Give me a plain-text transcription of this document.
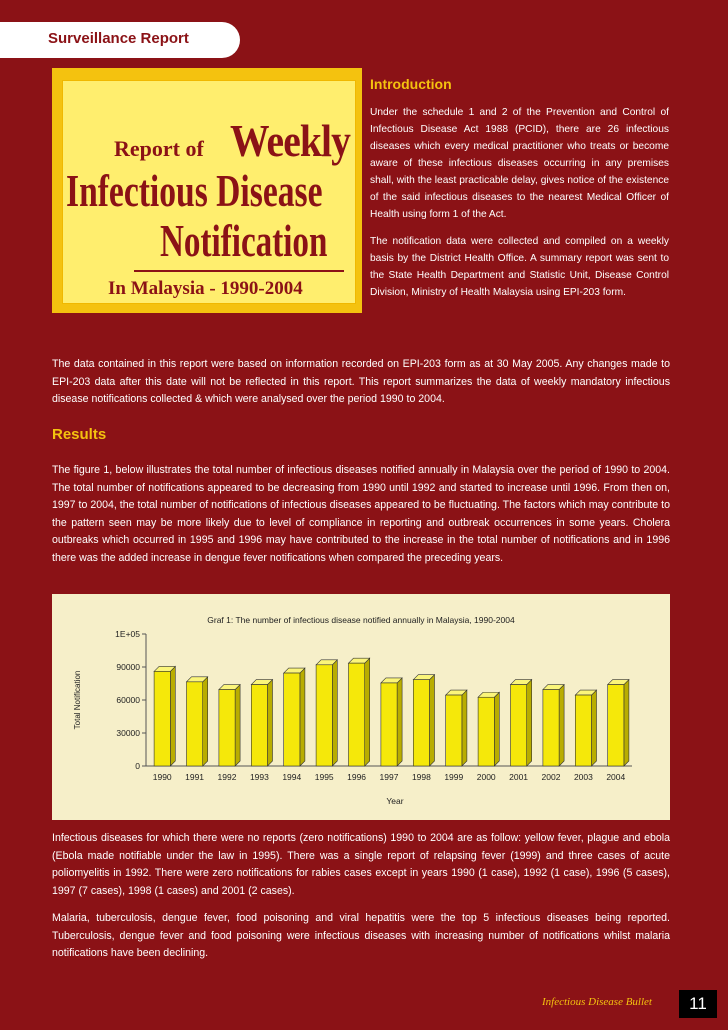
Surveillance Report
Report of Weekly
Infectious Disease
Notification
In Malaysia - 1990-2004
Introduction

Under the schedule 1 and 2 of the Prevention and Control of Infectious Disease Act 1988 (PCID), there are 26 infectious diseases which every medical practitioner who treats or become aware of these infectious diseases occurring in any premises shall, with the least practicable delay, gives notice of the existence of the said infectious diseases to the nearest Medical Officer of Health using form 1 of the Act.

The notification data were collected and compiled on a weekly basis by the District Health Office. A summary report was sent to the State Health Department and Statistic Unit, Disease Control Division, Ministry of Health Malaysia using EPI-203 form.

The data contained in this report were based on information recorded on EPI-203 form as at 30 May 2005. Any changes made to EPI-203 data after this date will not be reflected in this report. This report summarizes the data of weekly mandatory infectious disease notifications collected & which were analysed over the period 1990 to 2004.

Results

The figure 1, below illustrates the total number of infectious diseases notified annually in Malaysia over the period of 1990 to 2004. The total number of notifications appeared to be decreasing from 1990 until 1992 and started to increase until 1996. From then on, 1997 to 2004, the total number of notifications of infectious diseases appeared to be fluctuating. The factors which may contribute to the pattern seen may be more likely due to level of compliance in reporting and outbreak occurrences in some years. Cholera outbreaks which occurred in 1995 and 1996 may have contributed to the increase in the total number of notifications and in 1996 there was the added increase in dengue fever notifications when compared the preceding years.

Graf 1: The number of infectious disease notified annually in Malaysia, 1990-2004
0
30000
60000
90000
1E+05
Total Notification
1990 1991 1992 1993 1994 1995 1996 1997 1998 1999 2000 2001 2002 2003 2004
Year

Infectious diseases for which there were no reports (zero notifications) 1990 to 2004 are as follow: yellow fever, plague and ebola (Ebola made notifiable under the law in 1995). There was a single report of relapsing fever (1999) and three cases of acute poliomyelitis in 1992. There were zero notifications for rabies cases except in years 1990 (1 case), 1992 (1 case), 1996 (5 cases), 1997 (7 cases), 1998 (1 cases) and 2001 (2 cases).

Malaria, tuberculosis, dengue fever, food poisoning and viral hepatitis were the top 5 infectious diseases being reported. Tuberculosis, dengue fever and food poisoning were infectious diseases with increasing number of notifications whilst malaria notifications have been declining.

Infectious Disease Bullet	11
